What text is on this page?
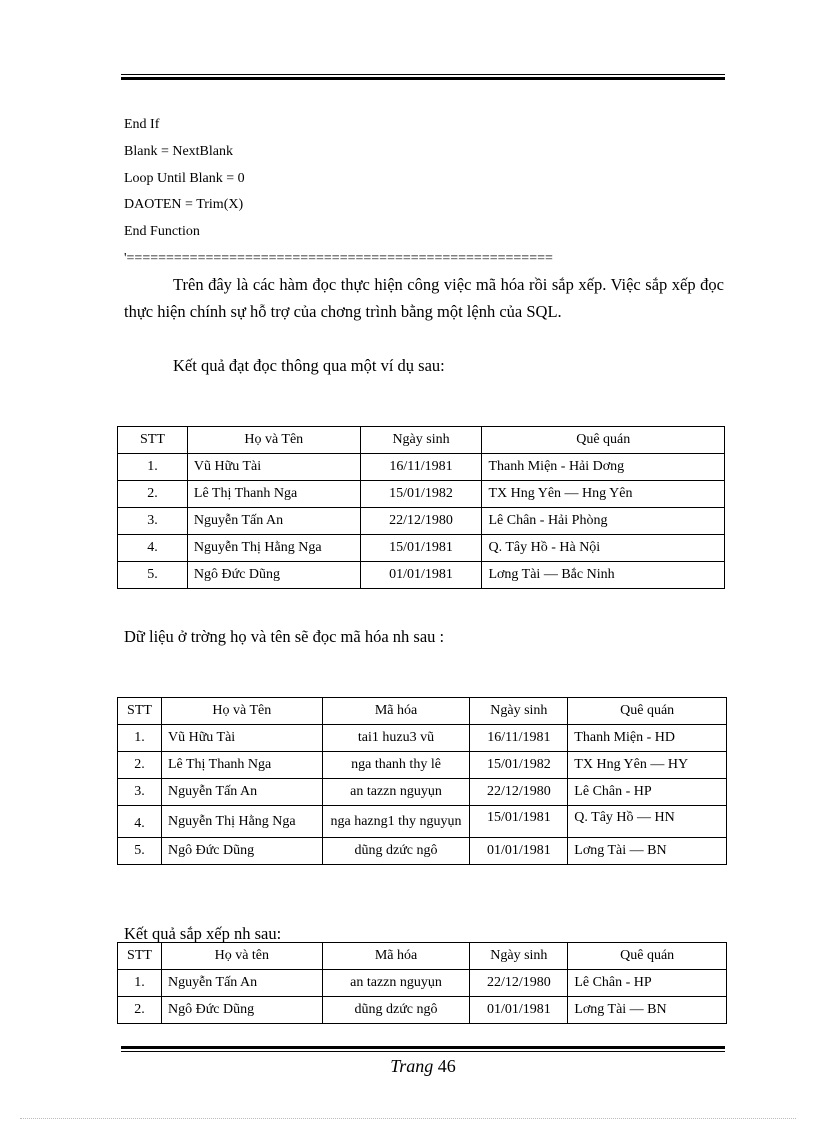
End If
Blank = NextBlank
Loop Until Blank = 0
DAOTEN = Trim(X)
End Function
'======================================================
Trên đây là các hàm đọc thực hiện công việc mã hóa rồi sắp xếp. Việc sắp xếp đọc thực hiện chính sự hỗ trợ của chơng trình bằng một lệnh của SQL.
Kết quả đạt đọc thông qua một ví dụ sau:
STT	Họ và Tên	Ngày sinh	Quê quán
1.	Vũ Hữu Tài	16/11/1981	Thanh Miện - Hải Dơng
2.	Lê Thị Thanh Nga	15/01/1982	TX Hng Yên — Hng Yên
3.	Nguyễn Tấn An	22/12/1980	Lê Chân - Hải Phòng
4.	Nguyễn Thị Hằng Nga	15/01/1981	Q. Tây Hồ - Hà Nội
5.	Ngô Đức Dũng	01/01/1981	Lơng Tài — Bắc Ninh
Dữ liệu ở trờng họ và tên sẽ đọc mã hóa nh sau :
STT	Họ và Tên	Mã hóa	Ngày sinh	Quê quán
1.	Vũ Hữu Tài	tai1 huzu3 vũ	16/11/1981	Thanh Miện - HD
2.	Lê Thị Thanh Nga	nga thanh thy lê	15/01/1982	TX Hng Yên — HY
3.	Nguyễn Tấn An	an tazzn nguyụn	22/12/1980	Lê Chân - HP
4.	Nguyễn Thị Hằng Nga	nga hazng1 thy nguyụn	15/01/1981	Q. Tây Hồ — HN
5.	Ngô Đức Dũng	dũng dzức ngô	01/01/1981	Lơng Tài — BN
Kết quả sắp xếp nh sau:
STT	Họ và tên	Mã hóa	Ngày sinh	Quê quán
1.	Nguyễn Tấn An	an tazzn nguyụn	22/12/1980	Lê Chân - HP
2.	Ngô Đức Dũng	dũng dzức ngô	01/01/1981	Lơng Tài — BN
Trang 46
